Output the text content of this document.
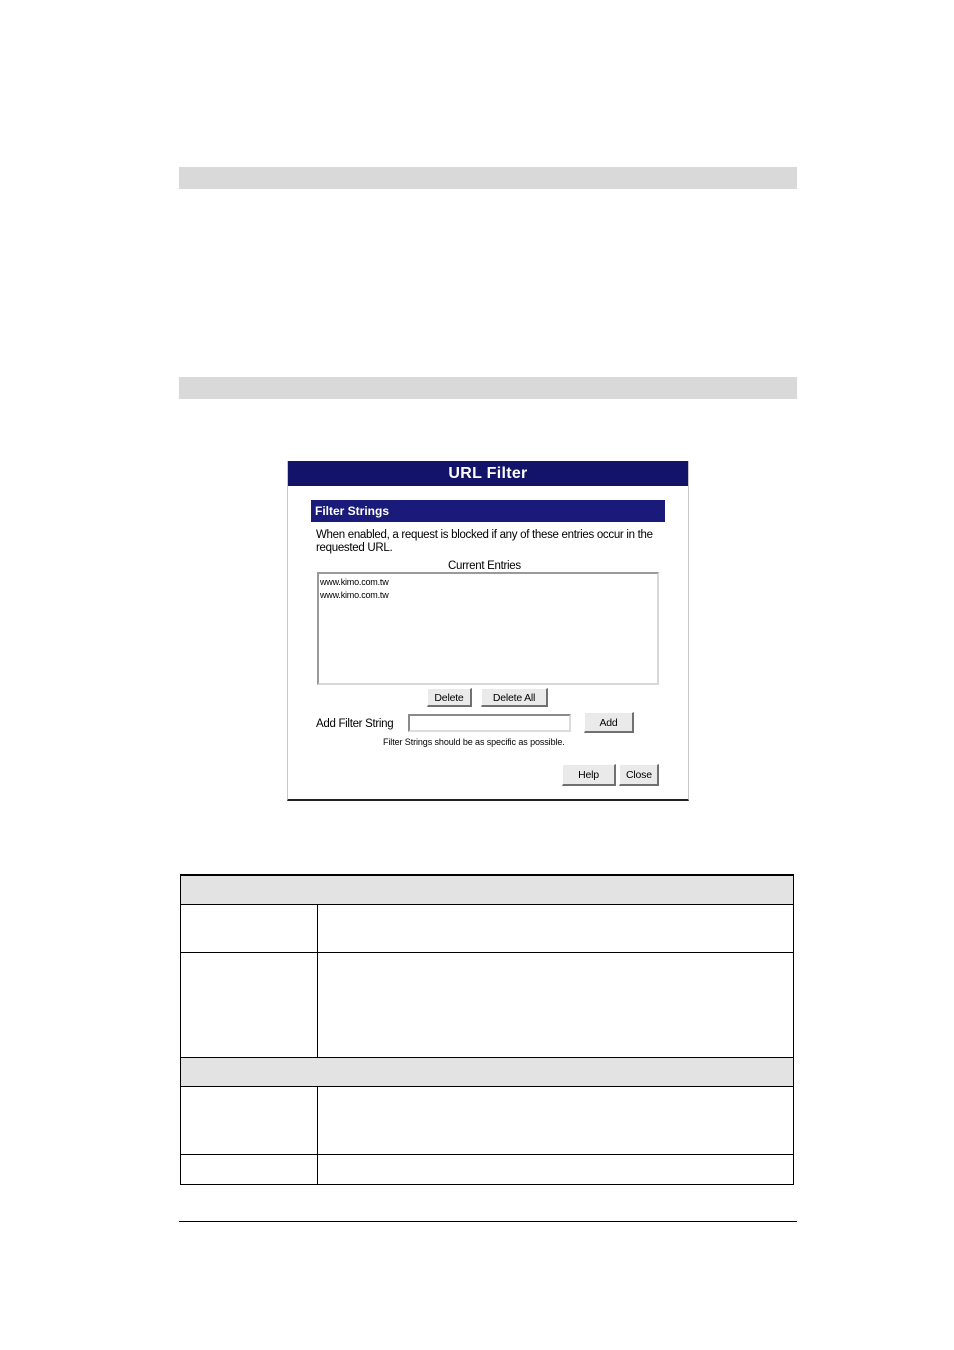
URL Filter
Filter Strings
When enabled, a request is blocked if any of these entries occur in the requested URL.
Current Entries
www.kimo.com.tw
www.kimo.com.tw
Delete	Delete All
Add Filter String	Add
Filter Strings should be as specific as possible.
Help	Close
